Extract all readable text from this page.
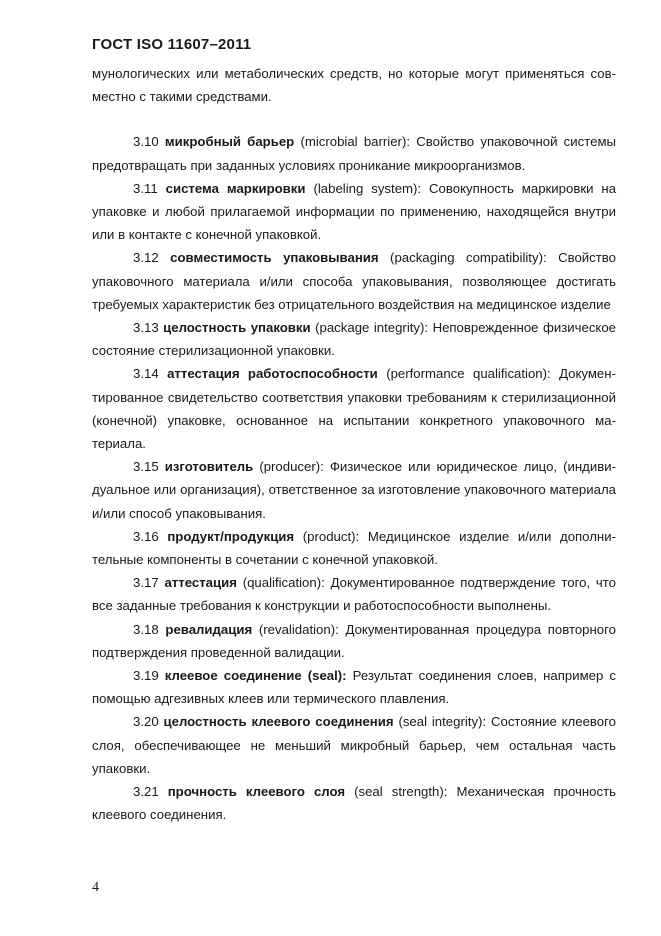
ГОСТ ISO 11607–2011

мунологических или метаболических средств, но которые могут применяться совместно с такими средствами.

3.10 микробный барьер (microbial barrier): Свойство упаковочной системы предотвращать при заданных условиях проникание микроорганизмов.

3.11 система маркировки (labeling system): Совокупность маркировки на упаковке и любой прилагаемой информации по применению, находящейся внутри или в контакте с конечной упаковкой.

3.12 совместимость упаковывания (packaging compatibility): Свойство упаковочного материала и/или способа упаковывания, позволяющее достигать требуемых характеристик без отрицательного воздействия на медицинское изделие

3.13 целостность упаковки (package integrity): Неповрежденное физическое состояние стерилизационной упаковки.

3.14 аттестация работоспособности (performance qualification): Документированное свидетельство соответствия упаковки требованиям к стерилизационной (конечной) упаковке, основанное на испытании конкретного упаковочного материала.

3.15 изготовитель (producer): Физическое или юридическое лицо, (индивидуальное или организация), ответственное за изготовление упаковочного материала и/или способ упаковывания.

3.16 продукт/продукция (product): Медицинское изделие и/или дополнительные компоненты в сочетании с конечной упаковкой.

3.17 аттестация (qualification): Документированное подтверждение того, что все заданные требования к конструкции и работоспособности выполнены.

3.18 ревалидация (revalidation): Документированная процедура повторного подтверждения проведенной валидации.

3.19 клеевое соединение (seal): Результат соединения слоев, например с помощью адгезивных клеев или термического плавления.

3.20 целостность клеевого соединения (seal integrity): Состояние клеевого слоя, обеспечивающее не меньший микробный барьер, чем остальная часть упаковки.

3.21 прочность клеевого слоя (seal strength): Механическая прочность клеевого соединения.

4
